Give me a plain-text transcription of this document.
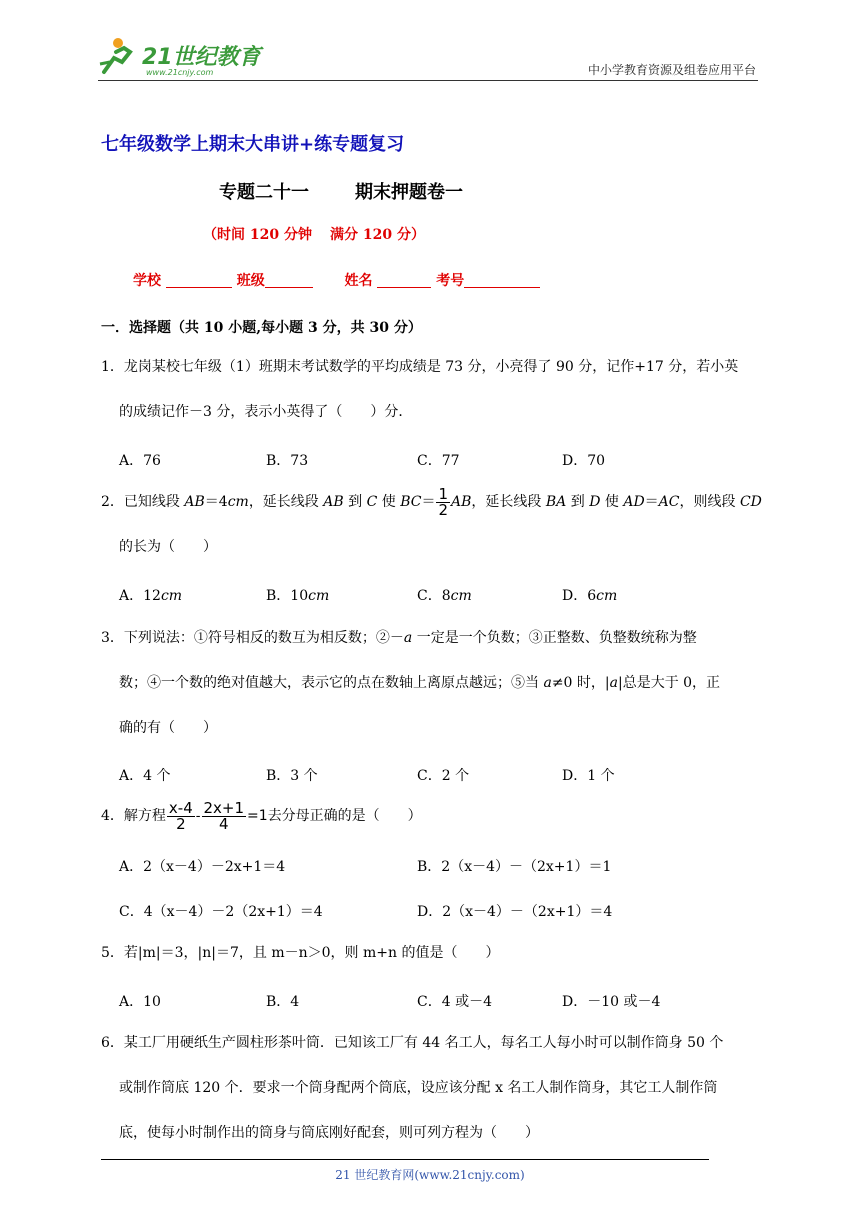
21世纪教育
www.21cnjy.com	中小学教育资源及组卷应用平台
七年级数学上期末大串讲+练专题复习
专题二十一	期末押题卷一
（时间 120 分钟 满分 120 分）
学校	班级	姓名	考号
一．选择题（共 10 小题,每小题 3 分，共 30 分）
1．龙岗某校七年级（1）班期末考试数学的平均成绩是 73 分，小亮得了 90 分，记作+17 分，若小英
的成绩记作－3 分，表示小英得了（　　）分．
A．76	B．73	C．77	D．70
2．已知线段 AB＝4cm，延长线段 AB 到 C 使 $BC= \frac{1}{2}$ AB，延长线段 BA 到 D 使 AD＝AC，则线段 CD
的长为（　　）
A．12cm	B．10cm	C．8cm	D．6cm
3．下列说法：①符号相反的数互为相反数；②－a 一定是一个负数；③正整数、负整数统称为整
数；④一个数的绝对值越大，表示它的点在数轴上离原点越远；⑤当 a≠0 时，|a|总是大于 0，正
确的有（　　）
A．4 个	B．3 个	C．2 个	D．1 个
4．解方程 $\frac{x-4}{2} - \frac{2x+1}{4} =1$去分母正确的是（　　）
A．2（x－4）－2x+1＝4	B．2（x－4）－（2x+1）＝1
C．4（x－4）－2（2x+1）＝4	D．2（x－4）－（2x+1）＝4
5．若|m|＝3，|n|＝7，且 m－n＞0，则 m+n 的值是（　　）
A．10	B．4	C．4 或－4	D．－10 或－4
6．某工厂用硬纸生产圆柱形茶叶筒．已知该工厂有 44 名工人，每名工人每小时可以制作筒身 50 个
或制作筒底 120 个．要求一个筒身配两个筒底，设应该分配 x 名工人制作筒身，其它工人制作筒
底，使每小时制作出的筒身与筒底刚好配套，则可列方程为（　　）
21 世纪教育网(www.21cnjy.com)
